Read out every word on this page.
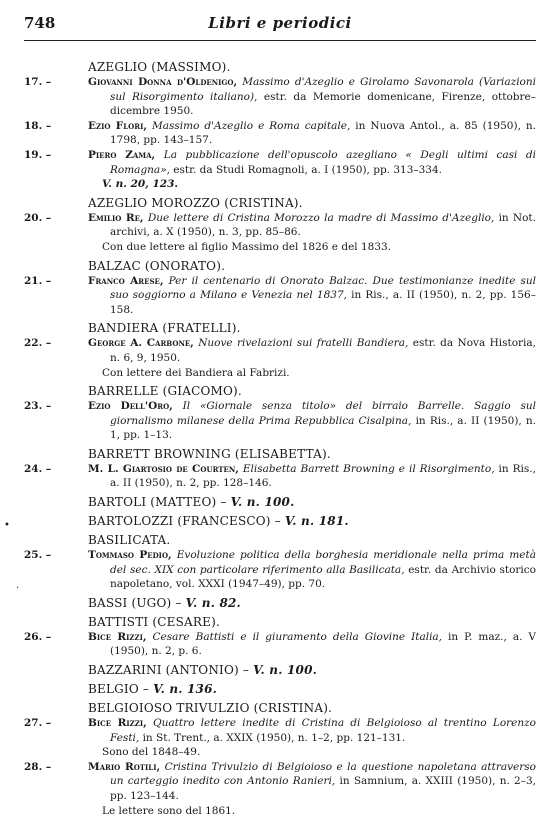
748	Libri e periodici
AZEGLIO (MASSIMO).
17. –	Giovanni Donna d'Oldenigo, Massimo d'Azeglio e Girolamo Savonarola (Variazioni sul Risorgimento italiano), estr. da Memorie domenicane, Firenze, ottobre–dicembre 1950.
18. –	Ezio Flori, Massimo d'Azeglio e Roma capitale, in Nuova Antol., a. 85 (1950), n. 1798, pp. 143–157.
19. –	Piero Zama, La pubblicazione dell'opuscolo azegliano « Degli ultimi casi di Romagna», estr. da Studi Romagnoli, a. I (1950), pp. 313–334.
V. n. 20, 123.
AZEGLIO MOROZZO (CRISTINA).
20. –	Emilio Re, Due lettere di Cristina Morozzo la madre di Massimo d'Azeglio, in Not. archivi, a. X (1950), n. 3, pp. 85–86.
Con due lettere al figlio Massimo del 1826 e del 1833.
BALZAC (ONORATO).
21. –	Franco Arese, Per il centenario di Onorato Balzac. Due testimonianze inedite sul suo soggiorno a Milano e Venezia nel 1837, in Ris., a. II (1950), n. 2, pp. 156–158.
BANDIERA (FRATELLI).
22. –	George A. Carbone, Nuove rivelazioni sui fratelli Bandiera, estr. da Nova Historia, n. 6, 9, 1950.
Con lettere dei Bandiera al Fabrizi.
BARRELLE (GIACOMO).
23. –	Ezio Dell'Oro, Il «Giornale senza titolo» del birraio Barrelle. Saggio sul giornalismo milanese della Prima Repubblica Cisalpina, in Ris., a. II (1950), n. 1, pp. 1–13.
BARRETT BROWNING (ELISABETTA).
24. –	M. L. Giartosio de Courten, Elisabetta Barrett Browning e il Risorgimento, in Ris., a. II (1950), n. 2, pp. 128–146.
BARTOLI (MATTEO) – V. n. 100.
BARTOLOZZI (FRANCESCO) – V. n. 181.
BASILICATA.
25. –	Tommaso Pedio, Evoluzione politica della borghesia meridionale nella prima metà del sec. XIX con particolare riferimento alla Basilicata, estr. da Archivio storico napoletano, vol. XXXI (1947–49), pp. 70.
BASSI (UGO) – V. n. 82.
BATTISTI (CESARE).
26. –	Bice Rizzi, Cesare Battisti e il giuramento della Giovine Italia, in P. maz., a. V (1950), n. 2, p. 6.
BAZZARINI (ANTONIO) – V. n. 100.
BELGIO – V. n. 136.
BELGIOIOSO TRIVULZIO (CRISTINA).
27. –	Bice Rizzi, Quattro lettere inedite di Cristina di Belgioioso al trentino Lorenzo Festi, in St. Trent., a. XXIX (1950), n. 1–2, pp. 121–131.
Sono del 1848–49.
28. –	Mario Rotili, Cristina Trivulzio di Belgioioso e la questione napoletana attraverso un carteggio inedito con Antonio Ranieri, in Samnium, a. XXIII (1950), n. 2–3, pp. 123–144.
Le lettere sono del 1861.
•
.
